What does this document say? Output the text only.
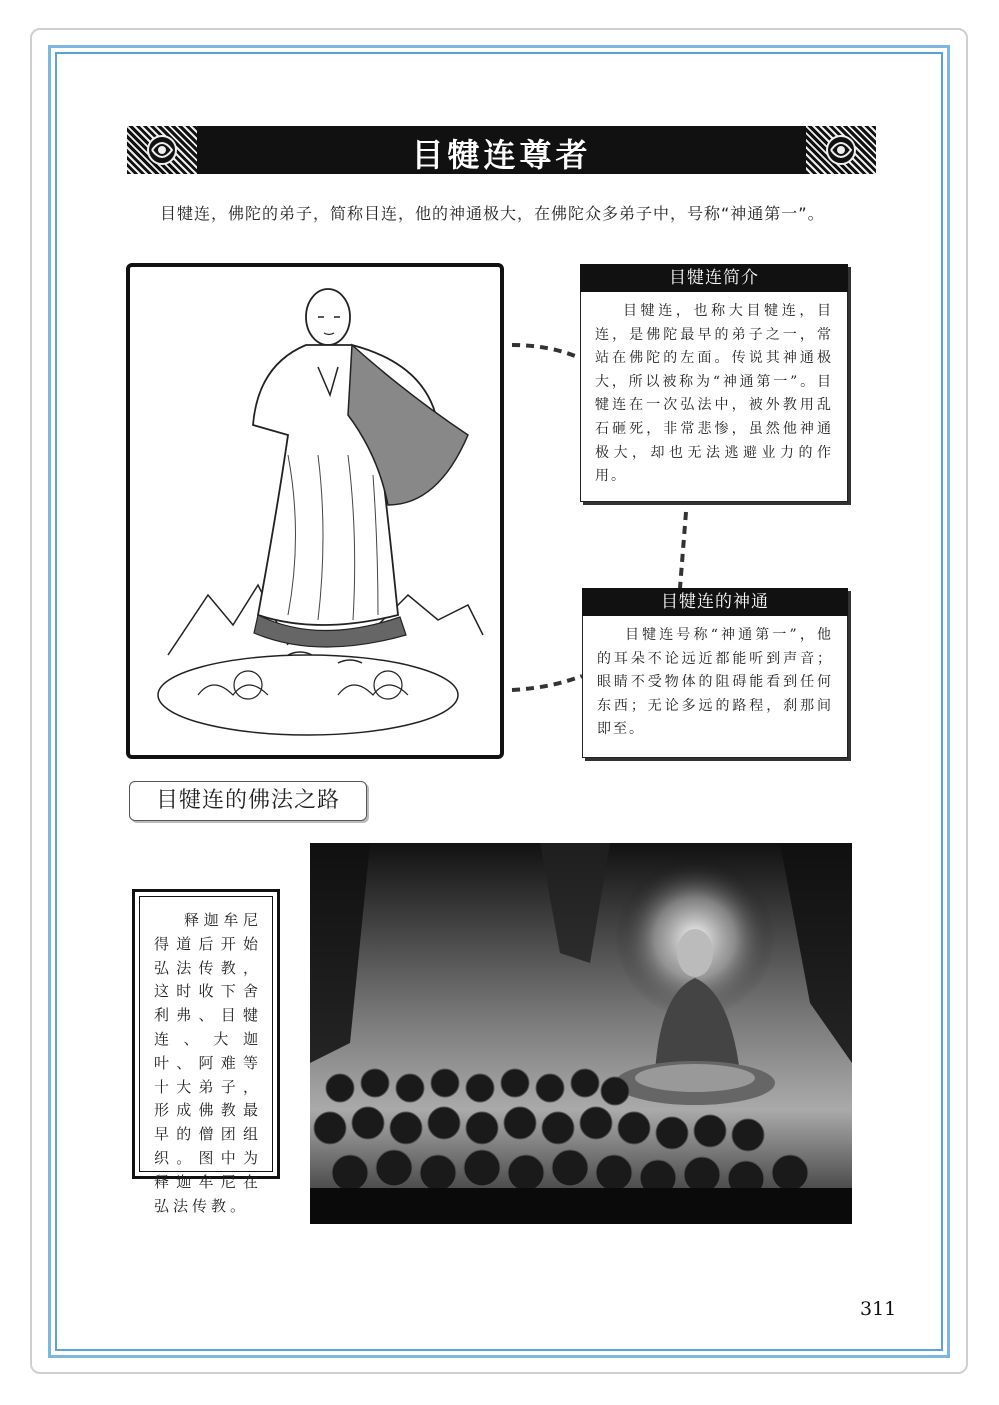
目犍连尊者
目犍连，佛陀的弟子，简称目连，他的神通极大，在佛陀众多弟子中，号称“神通第一”。
目犍连简介
目犍连，也称大目犍连，目连，是佛陀最早的弟子之一，常站在佛陀的左面。传说其神通极大，所以被称为“神通第一”。目犍连在一次弘法中，被外教用乱石砸死，非常悲惨，虽然他神通极大，却也无法逃避业力的作用。
目犍连的神通
目犍连号称“神通第一”，他的耳朵不论远近都能听到声音；眼睛不受物体的阻碍能看到任何东西；无论多远的路程，刹那间即至。
目犍连的佛法之路
释迦牟尼得道后开始弘法传教，这时收下舍利弗、目犍连、大迦叶、阿难等十大弟子，形成佛教最早的僧团组织。图中为释迦牟尼在弘法传教。
311
